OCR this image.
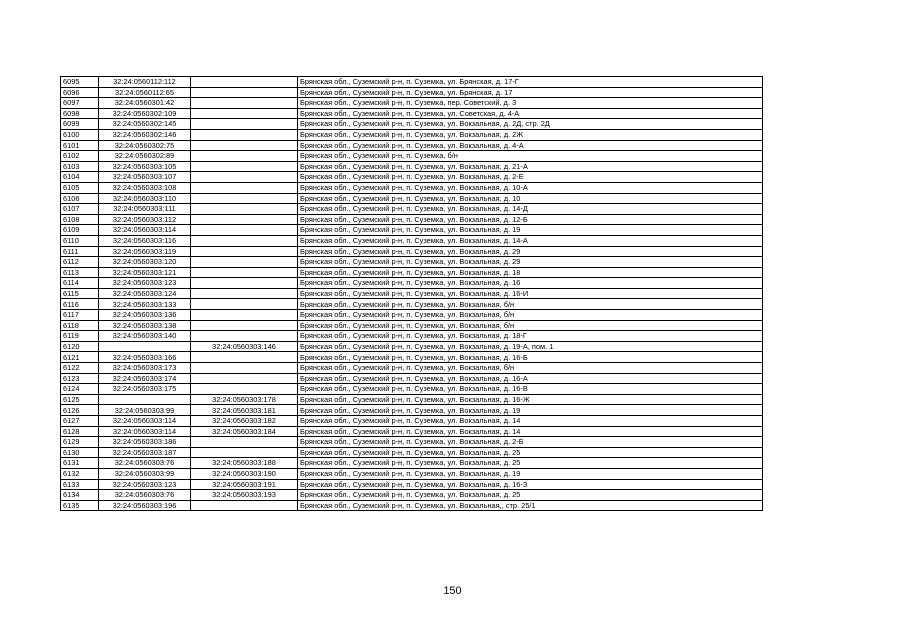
6095	32:24:0560112:112		Брянская обл., Суземский р-н, п. Суземка, ул. Брянская, д. 17-Г
6096	32:24:0560112:65		Брянская обл., Суземский р-н, п. Суземка, ул. Брянская, д. 17
6097	32:24:0560301:42		Брянская обл., Суземский р-н, п. Суземка, пер. Советский, д. 3
6098	32:24:0560302:109		Брянская обл., Суземский р-н, п. Суземка, ул. Советская, д. 4-А
6099	32:24:0560302:145		Брянская обл., Суземский р-н, п. Суземка, ул. Вокзальная, д. 2Д, стр. 2Д
6100	32:24:0560302:146		Брянская обл., Суземский р-н, п. Суземка, ул. Вокзальная, д. 2Ж
6101	32:24:0560302:75		Брянская обл., Суземский р-н, п. Суземка, ул. Вокзальная, д. 4-А
6102	32:24:0560302:89		Брянская обл., Суземский р-н, п. Суземка, б/н
6103	32:24:0560303:105		Брянская обл., Суземский р-н, п. Суземка, ул. Вокзальная, д. 21-А
6104	32:24:0560303:107		Брянская обл., Суземский р-н, п. Суземка, ул. Вокзальная, д. 2-Е
6105	32:24:0560303:108		Брянская обл., Суземский р-н, п. Суземка, ул. Вокзальная, д. 10-А
6106	32:24:0560303:110		Брянская обл., Суземский р-н, п. Суземка, ул. Вокзальная, д. 10
6107	32:24:0560303:111		Брянская обл., Суземский р-н, п. Суземка, ул. Вокзальная, д. 14-Д
6108	32:24:0560303:112		Брянская обл., Суземский р-н, п. Суземка, ул. Вокзальная, д. 12-Б
6109	32:24:0560303:114		Брянская обл., Суземский р-н, п. Суземка, ул. Вокзальная, д. 19
6110	32:24:0560303:116		Брянская обл., Суземский р-н, п. Суземка, ул. Вокзальная, д. 14-А
6111	32:24:0560303:119		Брянская обл., Суземский р-н, п. Суземка, ул. Вокзальная, д. 29
6112	32:24:0560303:120		Брянская обл., Суземский р-н, п. Суземка, ул. Вокзальная, д. 29
6113	32:24:0560303:121		Брянская обл., Суземский р-н, п. Суземка, ул. Вокзальная, д. 18
6114	32:24:0560303:123		Брянская обл., Суземский р-н, п. Суземка, ул. Вокзальная, д. 16
6115	32:24:0560303:124		Брянская обл., Суземский р-н, п. Суземка, ул. Вокзальная, д. 16-И
6116	32:24:0560303:133		Брянская обл., Суземский р-н, п. Суземка, ул. Вокзальная, б/н
6117	32:24:0560303:136		Брянская обл., Суземский р-н, п. Суземка, ул. Вокзальная, б/н
6118	32:24:0560303:138		Брянская обл., Суземский р-н, п. Суземка, ул. Вокзальная, б/н
6119	32:24:0560303:140		Брянская обл., Суземский р-н, п. Суземка, ул. Вокзальная, д. 18-Г
6120		32:24:0560303:146	Брянская обл., Суземский р-н, п. Суземка, ул. Вокзальная, д. 19-А, пом. 1
6121	32:24:0560303:166		Брянская обл., Суземский р-н, п. Суземка, ул. Вокзальная, д. 16-Б
6122	32:24:0560303:173		Брянская обл., Суземский р-н, п. Суземка, ул. Вокзальная, б/н
6123	32:24:0560303:174		Брянская обл., Суземский р-н, п. Суземка, ул. Вокзальная, д. 16-А
6124	32:24:0560303:175		Брянская обл., Суземский р-н, п. Суземка, ул. Вокзальная, д. 16-В
6125		32:24:0560303:178	Брянская обл., Суземский р-н, п. Суземка, ул. Вокзальная, д. 16-Ж
6126	32:24:0560303:99	32:24:0560303:181	Брянская обл., Суземский р-н, п. Суземка, ул. Вокзальная, д. 19
6127	32:24:0560303:114	32:24:0560303:182	Брянская обл., Суземский р-н, п. Суземка, ул. Вокзальная, д. 14
6128	32:24:0560303:114	32:24:0560303:184	Брянская обл., Суземский р-н, п. Суземка, ул. Вокзальная, д. 14
6129	32:24:0560303:186		Брянская обл., Суземский р-н, п. Суземка, ул. Вокзальная, д. 2-Б
6130	32:24:0560303:187		Брянская обл., Суземский р-н, п. Суземка, ул. Вокзальная, д. 25
6131	32:24:0560303:76	32:24:0560303:188	Брянская обл., Суземский р-н, п. Суземка, ул. Вокзальная, д. 25
6132	32:24:0560303:99	32:24:0560303:190	Брянская обл., Суземский р-н, п. Суземка, ул. Вокзальная, д. 19
6133	32:24:0560303:123	32:24:0560303:191	Брянская обл., Суземский р-н, п. Суземка, ул. Вокзальная, д. 16-З
6134	32:24:0560303:76	32:24:0560303:193	Брянская обл., Суземский р-н, п. Суземка, ул. Вокзальная, д. 25
6135	32:24:0560303:196		Брянская обл., Суземский р-н, п. Суземка, ул. Вокзальная,, стр. 25/1
150
